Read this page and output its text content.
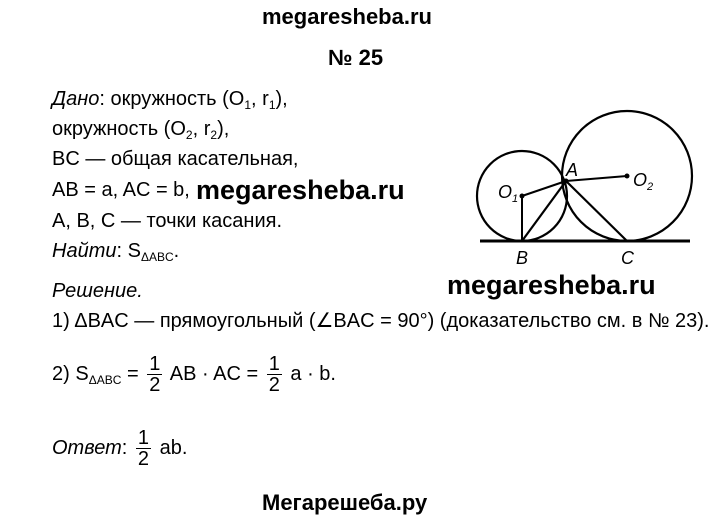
megaresheba.ru
№ 25
Дано: окружность ($O_1$, $r_1$),
окружность ($O_2$, $r_2$),
BC — общая касательная,
AB = a, AC = b, megaresheba.ru
A, B, C — точки касания.
Найти: $S_{\Delta ABC}$.
$O_1$
$O_2$
A
B	C
megaresheba.ru
Решение.
1) ΔBAC — прямоугольный (∠BAC = 90°) (доказательство см. в № 23).
2) $S_{\Delta ABC} = \frac{1}{2}$ AB · AC = $\frac{1}{2}$ a · b.
Ответ: $\frac{1}{2}$ ab.
Мегарешеба.ру
